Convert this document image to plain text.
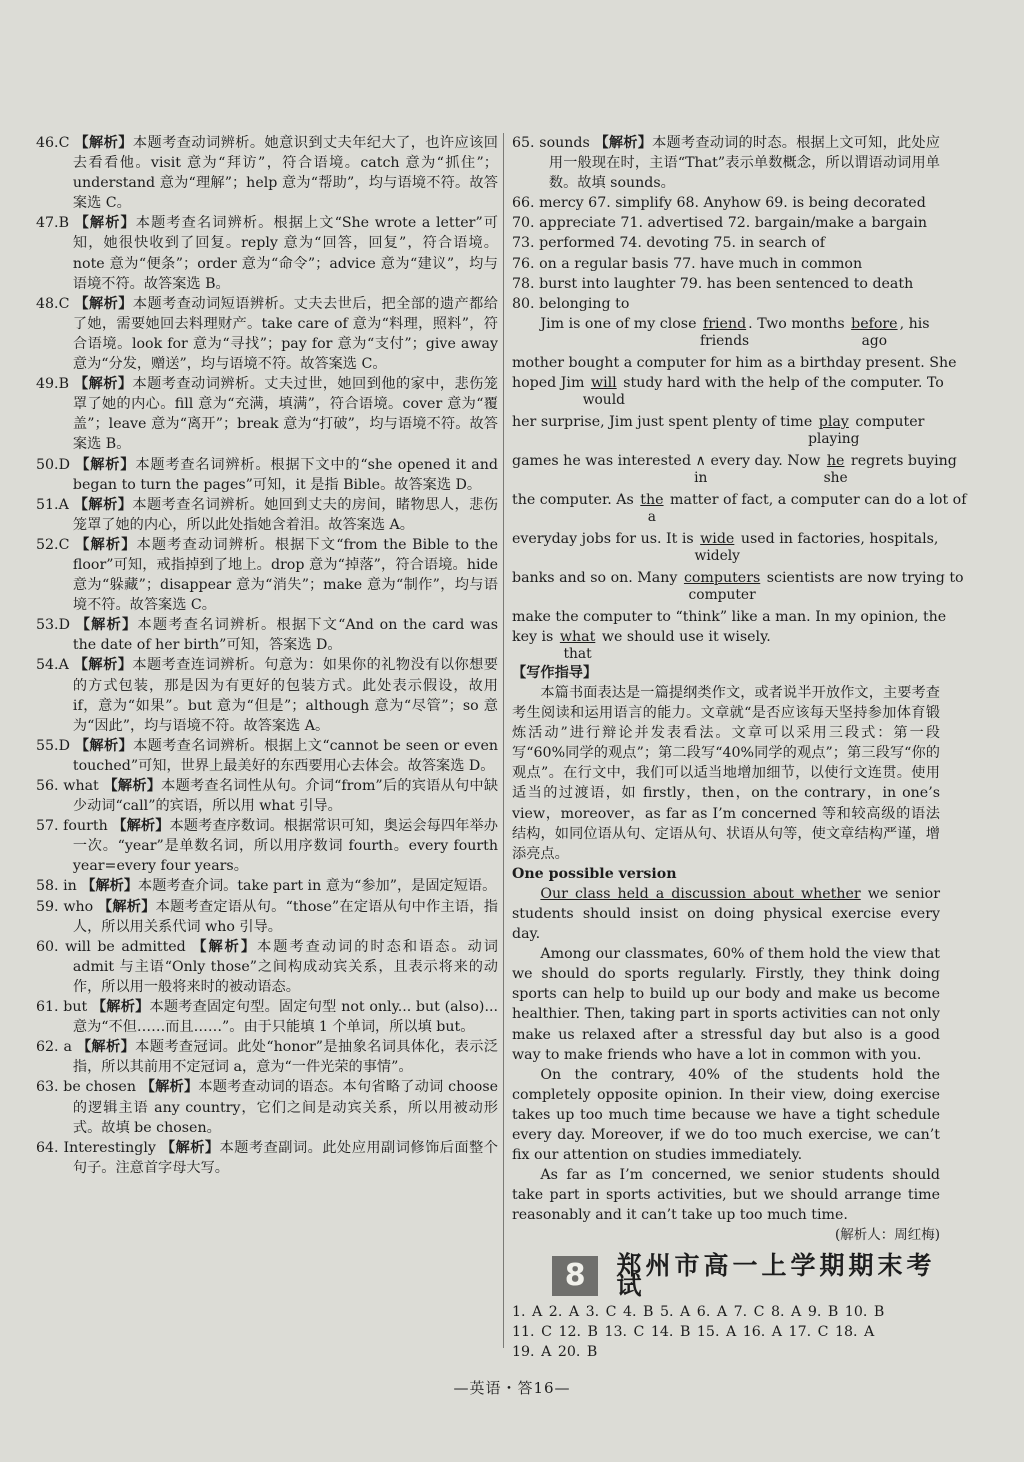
46.C 【解析】本题考查动词辨析。她意识到丈夫年纪大了，也许应该回去看看他。visit 意为“拜访”，符合语境。catch 意为“抓住”；understand 意为“理解”；help 意为“帮助”，均与语境不符。故答案选 C。

47.B 【解析】本题考查名词辨析。根据上文“She wrote a letter”可知，她很快收到了回复。reply 意为“回答，回复”，符合语境。note 意为“便条”；order 意为“命令”；advice 意为“建议”，均与语境不符。故答案选 B。

48.C 【解析】本题考查动词短语辨析。丈夫去世后，把全部的遗产都给了她，需要她回去料理财产。take care of 意为“料理，照料”，符合语境。look for 意为“寻找”；pay for 意为“支付”；give away 意为“分发，赠送”，均与语境不符。故答案选 C。

49.B 【解析】本题考查动词辨析。丈夫过世，她回到他的家中，悲伤笼罩了她的内心。fill 意为“充满，填满”，符合语境。cover 意为“覆盖”；leave 意为“离开”；break 意为“打破”，均与语境不符。故答案选 B。

50.D 【解析】本题考查名词辨析。根据下文中的“she opened it and began to turn the pages”可知，it 是指 Bible。故答案选 D。

51.A 【解析】本题考查名词辨析。她回到丈夫的房间，睹物思人，悲伤笼罩了她的内心，所以此处指她含着泪。故答案选 A。

52.C 【解析】本题考查动词辨析。根据下文“from the Bible to the floor”可知，戒指掉到了地上。drop 意为“掉落”，符合语境。hide 意为“躲藏”；disappear 意为“消失”；make 意为“制作”，均与语境不符。故答案选 C。

53.D 【解析】本题考查名词辨析。根据下文“And on the card was the date of her birth”可知，答案选 D。

54.A 【解析】本题考查连词辨析。句意为：如果你的礼物没有以你想要的方式包装，那是因为有更好的包装方式。此处表示假设，故用 if，意为“如果”。but 意为“但是”；although 意为“尽管”；so 意为“因此”，均与语境不符。故答案选 A。

55.D 【解析】本题考查名词辨析。根据上文“cannot be seen or even touched”可知，世界上最美好的东西要用心去体会。故答案选 D。

56. what 【解析】本题考查名词性从句。介词“from”后的宾语从句中缺少动词“call”的宾语，所以用 what 引导。

57. fourth 【解析】本题考查序数词。根据常识可知，奥运会每四年举办一次。“year”是单数名词，所以用序数词 fourth。every fourth year=every four years。

58. in 【解析】本题考查介词。take part in 意为“参加”，是固定短语。

59. who 【解析】本题考查定语从句。“those”在定语从句中作主语，指人，所以用关系代词 who 引导。

60. will be admitted 【解析】本题考查动词的时态和语态。动词 admit 与主语“Only those”之间构成动宾关系，且表示将来的动作，所以用一般将来时的被动语态。

61. but 【解析】本题考查固定句型。固定句型 not only... but (also)... 意为“不但……而且……”。由于只能填 1 个单词，所以填 but。

62. a 【解析】本题考查冠词。此处“honor”是抽象名词具体化，表示泛指，所以其前用不定冠词 a，意为“一件光荣的事情”。

63. be chosen 【解析】本题考查动词的语态。本句省略了动词 choose 的逻辑主语 any country，它们之间是动宾关系，所以用被动形式。故填 be chosen。

64. Interestingly 【解析】本题考查副词。此处应用副词修饰后面整个句子。注意首字母大写。

65. sounds 【解析】本题考查动词的时态。根据上文可知，此处应用一般现在时，主语“That”表示单数概念，所以谓语动词用单数。故填 sounds。

66. mercy 67. simplify 68. Anyhow 69. is being decorated

70. appreciate 71. advertised 72. bargain/make a bargain

73. performed 74. devoting 75. in search of

76. on a regular basis 77. have much in common

78. burst into laughter 79. has been sentenced to death

80. belonging to

Jim is one of my close friend
friends
. Two months before
ago
, his

mother bought a computer for him as a birthday present. She

hoped Jim will
would
study hard with the help of the computer. To

her surprise, Jim just spent plenty of time play
playing
computer

games he was interested ∧
in
every day. Now he
she
regrets buying

the computer. As the
a
matter of fact, a computer can do a lot of

everyday jobs for us. It is wide
widely
used in factories, hospitals,

banks and so on. Many computers
computer
scientists are now trying to

make the computer to “think” like a man. In my opinion, the

key is what
that
we should use it wisely.

【写作指导】

本篇书面表达是一篇提纲类作文，或者说半开放作文，主要考查考生阅读和运用语言的能力。文章就“是否应该每天坚持参加体育锻炼活动”进行辩论并发表看法。文章可以采用三段式：第一段写“60%同学的观点”；第二段写“40%同学的观点”；第三段写“你的观点”。在行文中，我们可以适当地增加细节，以使行文连贯。使用适当的过渡语，如 firstly，then，on the contrary，in one’s view，moreover，as far as I’m concerned 等和较高级的语法结构，如同位语从句、定语从句、状语从句等，使文章结构严谨，增添亮点。

One possible version

Our class held a discussion about whether we senior students should insist on doing physical exercise every day.

Among our classmates, 60% of them hold the view that we should do sports regularly. Firstly, they think doing sports can help to build up our body and make us become healthier. Then, taking part in sports activities can not only make us relaxed after a stressful day but also is a good way to make friends who have a lot in common with you.

On the contrary, 40% of the students hold the completely opposite opinion. In their view, doing exercise takes up too much time because we have a tight schedule every day. Moreover, if we do too much exercise, we can’t fix our attention on studies immediately.

As far as I’m concerned, we senior students should take part in sports activities, but we should arrange time reasonably and it can’t take up too much time.

(解析人：周红梅)

8	郑州市高一上学期期末考试

1. A 2. A 3. C 4. B 5. A 6. A 7. C 8. A 9. B 10. B

11. C 12. B 13. C 14. B 15. A 16. A 17. C 18. A

19. A 20. B

—英语・答16—
